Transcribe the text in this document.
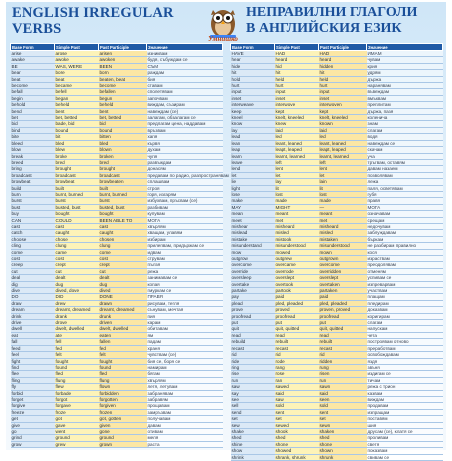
ENGLISH IRREGULAR
VERBS
Умнишко
НЕПРАВИЛНИ ГЛАГОЛИ
В АНГЛИЙСКИЯ ЕЗИК
Base Form	Simple Past	Past Participle	Значение
arise	arose	arisen	изниквам
awake	awoke	awoken	будя, събуждам се
BE	WAS, WERE	BEEN	СЪМ
bear	bore	born	раждам
beat	beat	beaten, beat	бия
become	became	become	ставам
befall	befell	befallen	сполетявам
begin	began	begun	започвам
behold	beheld	beheld	виждам, съзирам
bend	bent	bent	навеждам (се)
bet	bet, betted	bet, betted	залагам, обзалагам се
bid	bade, bid	bid	предлагам цена, наддавам
bind	bound	bound	връзвам
bite	bit	bitten	хапя
bleed	bled	bled	кървя
blow	blew	blown	духам
break	broke	broken	чупя
breed	bred	bred	развъждам
bring	brought	brought	донасям
broadcast	broadcast	broadcast	предавам по радио, разпространявам
browbeat	browbeat	browbeaten	сплашвам
build	built	built	строя
burn	burnt, burned	burnt, burned	горя, изгарям
burst	burst	burst	избухвам, пръсвам (се)
bust	busted, bust	busted, bust	разбивам
buy	bought	bought	купувам
CAN	COULD	BEEN ABLE TO	МОГА
cast	cast	cast	хвърлям
catch	caught	caught	хващам, улавям
choose	chose	chosen	избирам
cling	clung	clung	прилепвам, придържам се
come	came	come	идвам
cost	cost	cost	струвам
creep	crept	crept	пълзя
cut	cut	cut	режа
deal	dealt	dealt	занимавам се
dig	dug	dug	копая
dive	dived, dove	dived	гмуркам се
DO	DID	DONE	ПРАВЯ
draw	drew	drawn	рисувам, тегля
dream	dreamt, dreamed	dreamt, dreamed	сънувам, мечтая
drink	drank	drunk	пия
drive	drove	driven	карам
dwell	dwelt, dwelled	dwelt, dwelled	обитавам
eat	ate	eaten	ям
fall	fell	fallen	падам
feed	fed	fed	храня
feel	felt	felt	чувствам (се)
fight	fought	fought	бия се, боря се
find	found	found	намирам
flee	fled	fled	бягам
fling	flung	flung	хвърлям
fly	flew	flown	летя, летувам
forbid	forbade	forbidden	забранявам
forget	forgot	forgotten	забравям
forgive	forgave	forgiven	прощавам
freeze	froze	frozen	замръзвам
get	got	got, gotten	получавам
give	gave	given	давам
go	went	gone	отивам
grind	ground	ground	меля
grow	grew	grown	раста
Base Form	Simple Past	Past Participle	Значение
HAVE	HAD	HAD	ИМАМ
hear	heard	heard	чувам
hide	hid	hidden	крия
hit	hit	hit	удрям
hold	held	held	държа
hurt	hurt	hurt	наранявам
input	input	input	въвеждам
inset	inset	inset	вмъквам
interweave	interwove	interwoven	преплитам
keep	kept	kept	държа, пазя
kneel	knelt, kneeled	knelt, kneeled	коленича
know	knew	known	знам
lay	laid	laid	слагам
lead	led	led	водя
lean	leant, leaned	leant, leaned	навеждам се
leap	leapt, leaped	leapt, leaped	скачам
learn	learnt, learned	learnt, learned	уча
leave	left	left	тръгвам, оставям
lend	lent	lent	давам назаем
let	let	let	позволявам
lie	lay	lain	лежа
light	lit	lit	паля, осветявам
lose	lost	lost	губя
make	made	made	правя
MAY	MIGHT	—	МОГА
mean	meant	meant	означавам
meet	met	met	срещам
mishear	misheard	misheard	недочувам
mislead	misled	misled	заблуждавам
mistake	mistook	mistaken	бъркам
misunderstand	misunderstood	misunderstood	не разбирам правилно
mow	mowed	mown	кося
outgrow	outgrew	outgrown	израствам
overcome	overcame	overcome	преодолявам
override	overrode	overridden	отменям
oversleep	overslept	overslept	успивам се
overtake	overtook	overtaken	изпреварвам
partake	partook	partaken	участвам
pay	paid	paid	плащам
plead	pled, pleaded	pled, pleaded	пледирам
prove	proved	proven, proved	доказвам
proofread	proofread	proofread	коригирам
put	put	put	слагам
quit	quit, quitted	quit, quitted	напускам
read	read	read	чета
rebuild	rebuilt	rebuilt	построявам отново
recast	recast	recast	преработвам
rid	rid	rid	освобождавам
ride	rode	ridden	яздя
ring	rang	rung	звъня
rise	rose	risen	издигам се
run	ran	run	тичам
saw	sawed	sawn	режа с трион
say	said	said	казвам
see	saw	seen	виждам
sell	sold	sold	продавам
send	sent	sent	изпращам
set	set	set	поставям
sew	sewed	sewn	шия
shake	shook	shaken	друсам (се), клатя се
shed	shed	shed	проливам
shine	shone	shone	светя
show	showed	shown	показвам
shrink	shrank, shrunk	shrunk	свивам се
